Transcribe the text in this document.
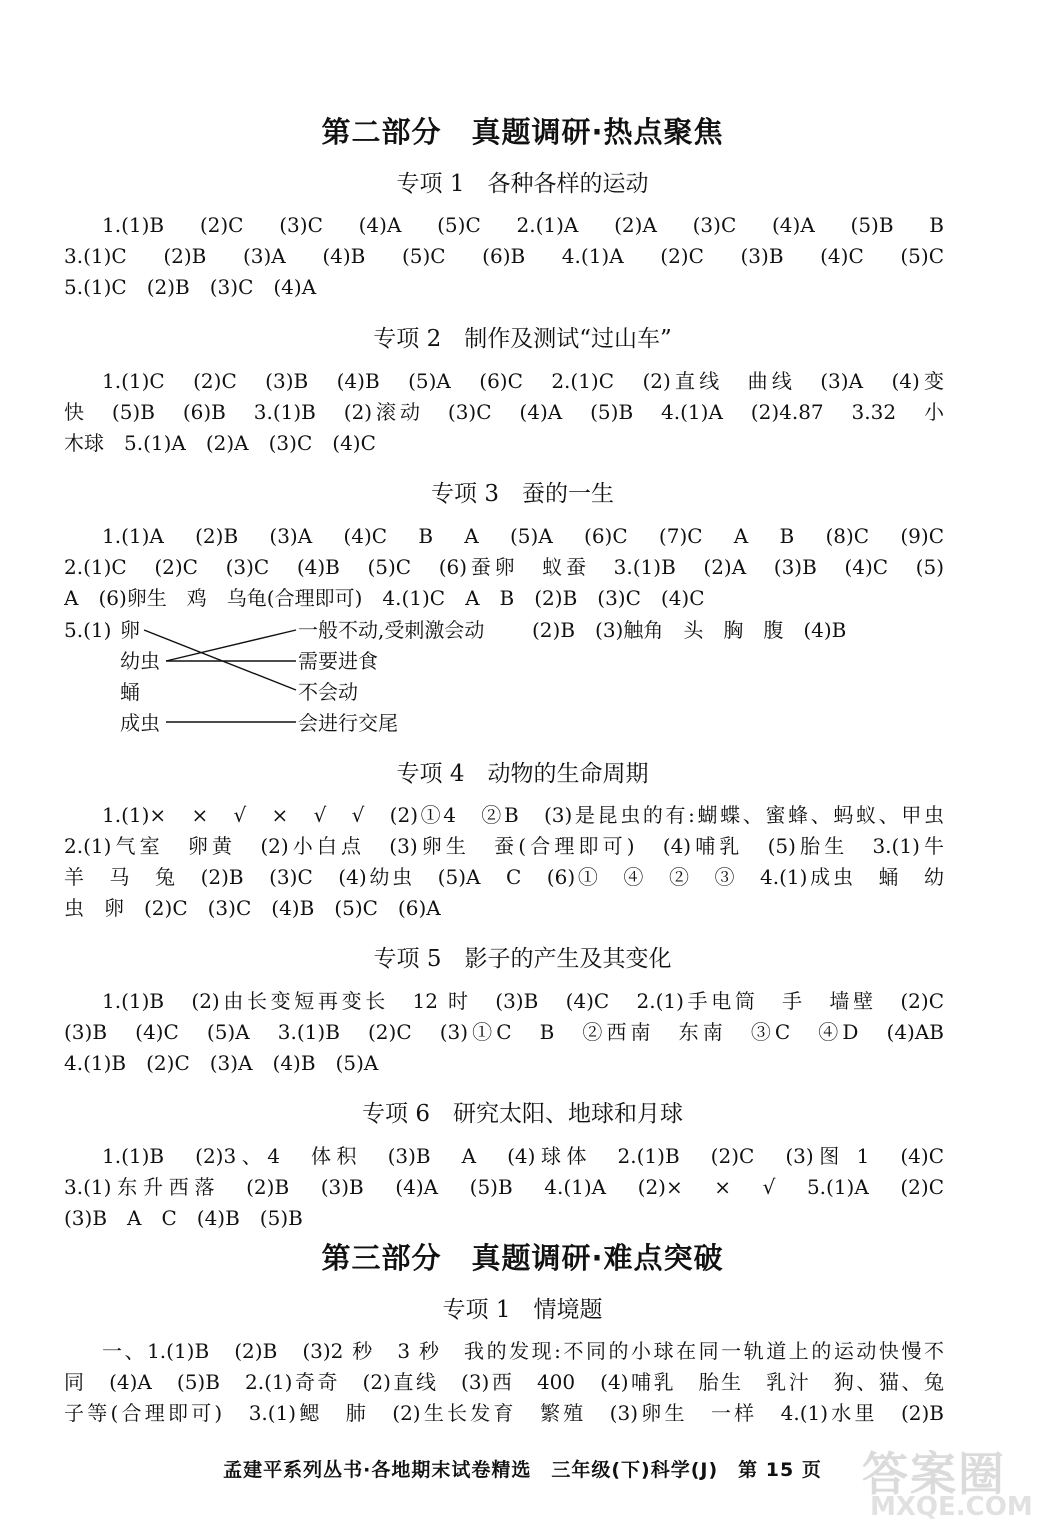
第二部分　真题调研·热点聚焦
专项 1　各种各样的运动
1.(1)B　(2)C　(3)C　(4)A　(5)C　2.(1)A　(2)A　(3)C　(4)A　(5)B　B
3.(1)C　(2)B　(3)A　(4)B　(5)C　(6)B　4.(1)A　(2)C　(3)B　(4)C　(5)C
5.(1)C　(2)B　(3)C　(4)A
专项 2　制作及测试“过山车”
1.(1)C　(2)C　(3)B　(4)B　(5)A　(6)C　2.(1)C　(2)直线　曲线　(3)A　(4)变
快　(5)B　(6)B　3.(1)B　(2)滚动　(3)C　(4)A　(5)B　4.(1)A　(2)4.87　3.32　小
木球　5.(1)A　(2)A　(3)C　(4)C
专项 3　蚕的一生
1.(1)A　(2)B　(3)A　(4)C　B　A　(5)A　(6)C　(7)C　A　B　(8)C　(9)C
2.(1)C　(2)C　(3)C　(4)B　(5)C　(6)蚕卵　蚁蚕　3.(1)B　(2)A　(3)B　(4)C　(5)
A　(6)卵生　鸡　乌龟(合理即可)　4.(1)C　A　B　(2)B　(3)C　(4)C
5.(1) 卵
幼虫
蛹
成虫
一般不动,受刺激会动
需要进食
不会动
会进行交尾
(2)B　(3)触角　头　胸　腹　(4)B
专项 4　动物的生命周期
1.(1)×　×　√　×　√　√　(2)①4　②B　(3)是昆虫的有:蝴蝶、蜜蜂、蚂蚁、甲虫
2.(1)气室　卵黄　(2)小白点　(3)卵生　蚕(合理即可)　(4)哺乳　(5)胎生　3.(1)牛
羊　马　兔　(2)B　(3)C　(4)幼虫　(5)A　C　(6)①　④　②　③　4.(1)成虫　蛹　幼
虫　卵　(2)C　(3)C　(4)B　(5)C　(6)A
专项 5　影子的产生及其变化
1.(1)B　(2)由长变短再变长　12 时　(3)B　(4)C　2.(1)手电筒　手　墙壁　(2)C
(3)B　(4)C　(5)A　3.(1)B　(2)C　(3)①C　B　②西南　东南　③C　④D　(4)AB
4.(1)B　(2)C　(3)A　(4)B　(5)A
专项 6　研究太阳、地球和月球
1.(1)B　(2)3、4　体积　(3)B　A　(4)球体　2.(1)B　(2)C　(3)图 1　(4)C
3.(1)东升西落　(2)B　(3)B　(4)A　(5)B　4.(1)A　(2)×　×　√　5.(1)A　(2)C
(3)B　A　C　(4)B　(5)B
第三部分　真题调研·难点突破
专项 1　情境题
一、1.(1)B　(2)B　(3)2 秒　3 秒　我的发现:不同的小球在同一轨道上的运动快慢不
同　(4)A　(5)B　2.(1)奇奇　(2)直线　(3)西　400　(4)哺乳　胎生　乳汁　狗、猫、兔
子等(合理即可)　3.(1)鳃　肺　(2)生长发育　繁殖　(3)卵生　一样　4.(1)水里　(2)B
孟建平系列丛书·各地期末试卷精选　三年级(下)科学(J)　第 15 页 答案圈
MXQE.COM
